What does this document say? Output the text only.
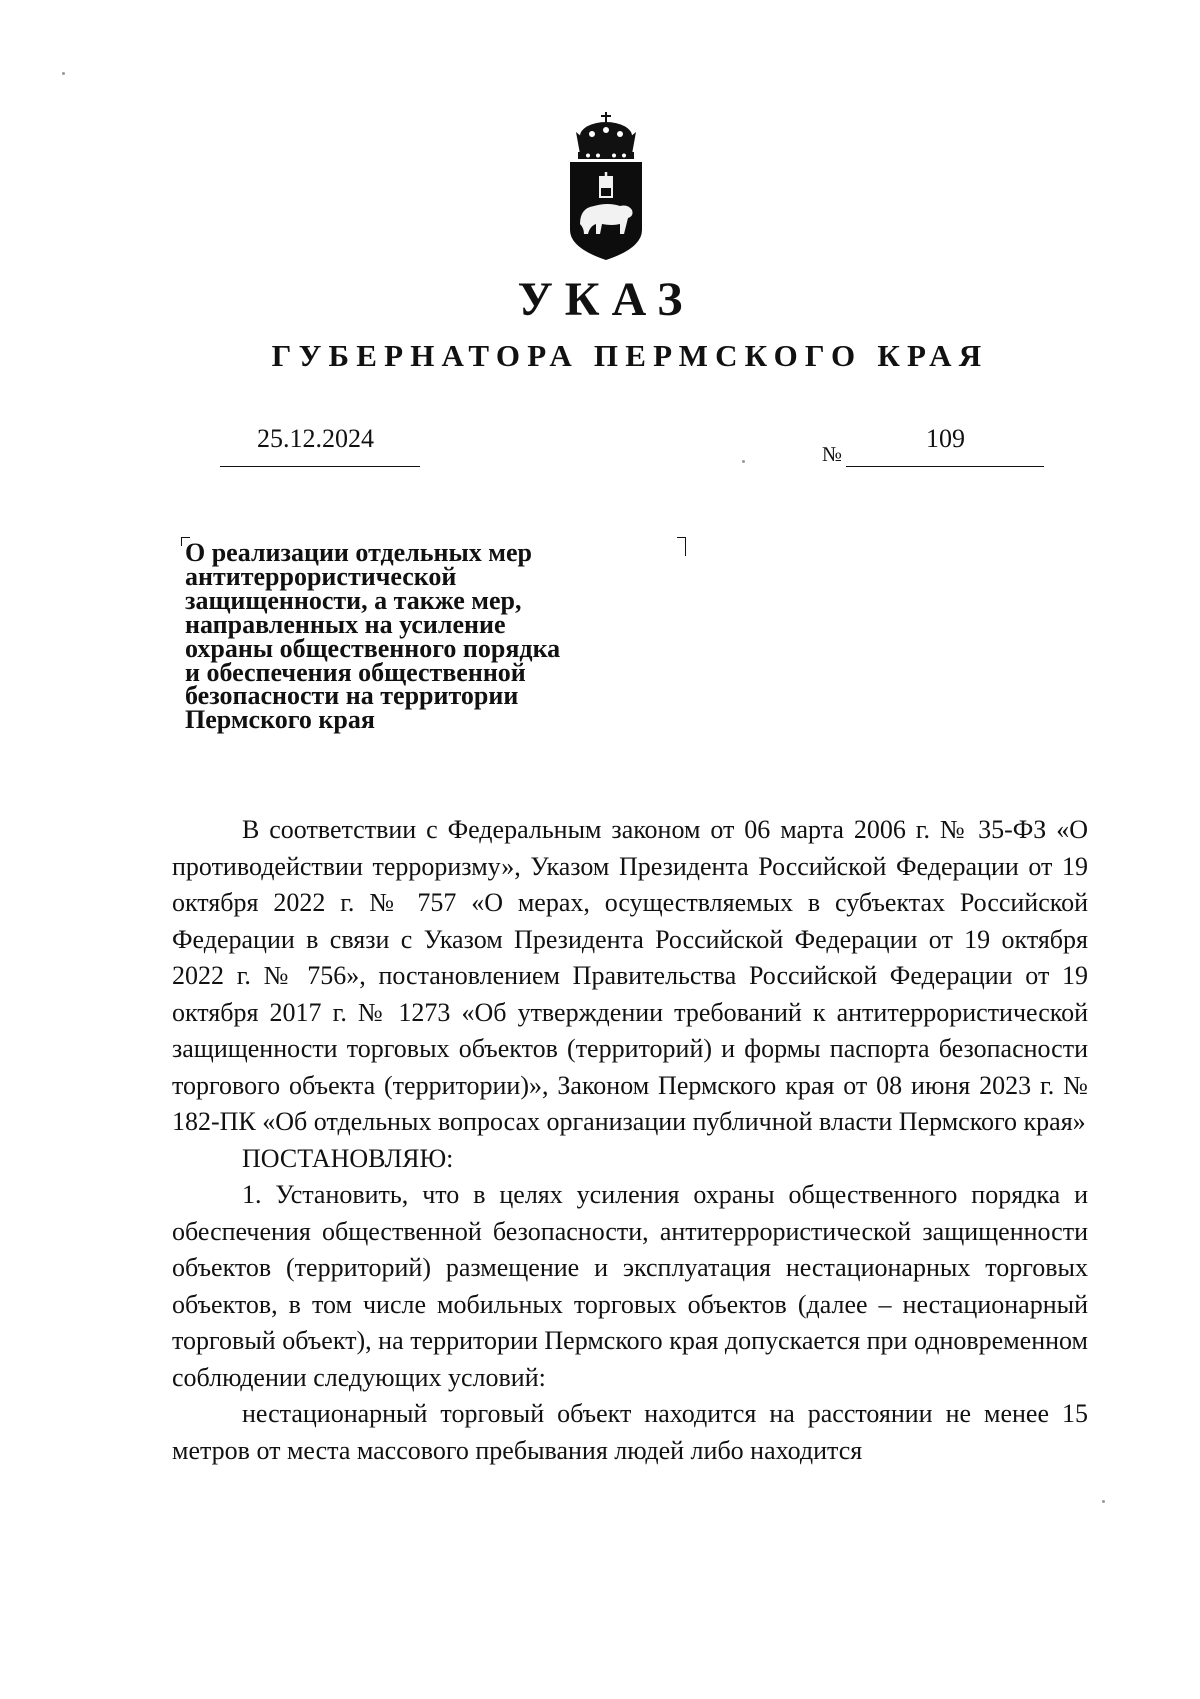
УКАЗ
ГУБЕРНАТОРА ПЕРМСКОГО КРАЯ
25.12.2024
№
109
О реализации отдельных мер
антитеррористической
защищенности, а также мер,
направленных на усиление
охраны общественного порядка
и обеспечения общественной
безопасности на территории
Пермского края

В соответствии с Федеральным законом от 06 марта 2006 г. № 35-ФЗ «О противодействии терроризму», Указом Президента Российской Федерации от 19 октября 2022 г. № 757 «О мерах, осуществляемых в субъектах Российской Федерации в связи с Указом Президента Российской Федерации от 19 октября 2022 г. № 756», постановлением Правительства Российской Федерации от 19 октября 2017 г. № 1273 «Об утверждении требований к антитеррористической защищенности торговых объектов (территорий) и формы паспорта безопасности торгового объекта (территории)», Законом Пермского края от 08 июня 2023 г. № 182-ПК «Об отдельных вопросах организации публичной власти Пермского края»

ПОСТАНОВЛЯЮ:

1. Установить, что в целях усиления охраны общественного порядка и обеспечения общественной безопасности, антитеррористической защищенности объектов (территорий) размещение и эксплуатация нестационарных торговых объектов, в том числе мобильных торговых объектов (далее – нестационарный торговый объект), на территории Пермского края допускается при одновременном соблюдении следующих условий:

нестационарный торговый объект находится на расстоянии не менее 15 метров от места массового пребывания людей либо находится
